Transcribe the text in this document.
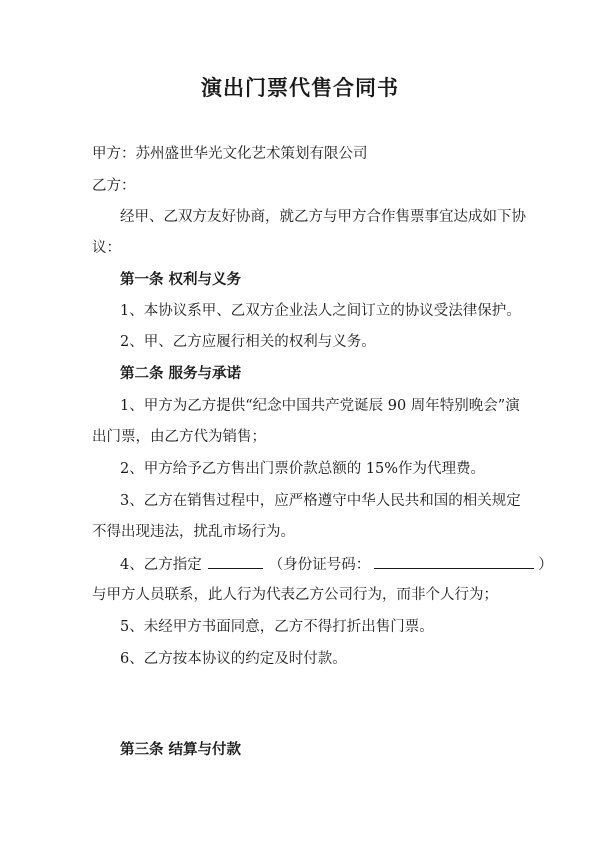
演出门票代售合同书
甲方：苏州盛世华光文化艺术策划有限公司
乙方：
经甲、乙双方友好协商，就乙方与甲方合作售票事宜达成如下协
议：
第一条 权利与义务
1、本协议系甲、乙双方企业法人之间订立的协议受法律保护。
2、甲、乙方应履行相关的权利与义务。
第二条 服务与承诺
1、甲方为乙方提供“纪念中国共产党诞辰 90 周年特别晚会”演
出门票，由乙方代为销售；
2、甲方给予乙方售出门票价款总额的 15%作为代理费。
3、乙方在销售过程中，应严格遵守中华人民共和国的相关规定
不得出现违法，扰乱市场行为。
4、乙方指定	（身份证号码：	）
与甲方人员联系，此人行为代表乙方公司行为，而非个人行为；
5、未经甲方书面同意，乙方不得打折出售门票。
6、乙方按本协议的约定及时付款。
第三条 结算与付款
